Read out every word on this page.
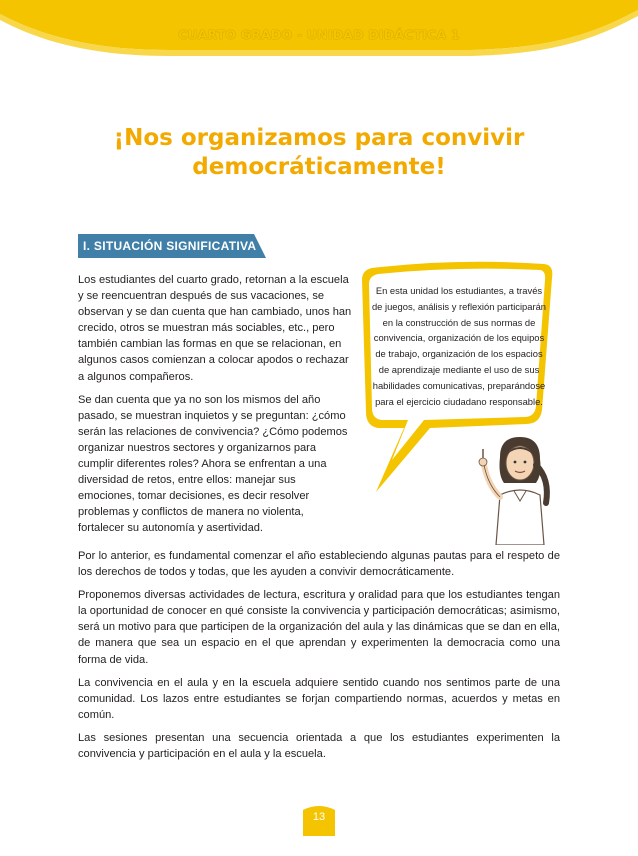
CUARTO GRADO - UNIDAD DIDÁCTICA 1
¡Nos organizamos para convivir
democráticamente!
I. SITUACIÓN SIGNIFICATIVA

Los estudiantes del cuarto grado, retornan a la escuela y se reencuentran después de sus vacaciones, se observan y se dan cuenta que han cambiado, unos han crecido, otros se muestran más sociables, etc., pero también cambian las formas en que se relacionan, en algunos casos comienzan a colocar apodos o rechazar a algunos compañeros.

Se dan cuenta que ya no son los mismos del año pasado, se muestran inquietos y se preguntan: ¿cómo serán las relaciones de convivencia? ¿Cómo podemos organizar nuestros sectores y organizarnos para cumplir diferentes roles? Ahora se enfrentan a una diversidad de retos, entre ellos: manejar sus emociones, tomar decisiones, es decir resolver problemas y conflictos de manera no violenta, fortalecer su autonomía y asertividad.

En esta unidad los estudiantes, a través de juegos, análisis y reflexión participarán en la construcción de sus normas de convivencia, organización de los equipos de trabajo, organización de los espacios de aprendizaje mediante el uso de sus habilidades comunicativas, preparándose para el ejercicio ciudadano responsable.

Por lo anterior, es fundamental comenzar el año estableciendo algunas pautas para el respeto de los derechos de todos y todas, que les ayuden a convivir democráticamente.

Proponemos diversas actividades de lectura, escritura y oralidad para que los estudiantes tengan la oportunidad de conocer en qué consiste la convivencia y participación democráticas; asimismo, será un motivo para que participen de la organización del aula y las dinámicas que se dan en ella, de manera que sea un espacio en el que aprendan y experimenten la democracia como una forma de vida.

La convivencia en el aula y en la escuela adquiere sentido cuando nos sentimos parte de una comunidad. Los lazos entre estudiantes se forjan compartiendo normas, acuerdos y metas en común.

Las sesiones presentan una secuencia orientada a que los estudiantes experimenten la convivencia y participación en el aula y la escuela.

13
